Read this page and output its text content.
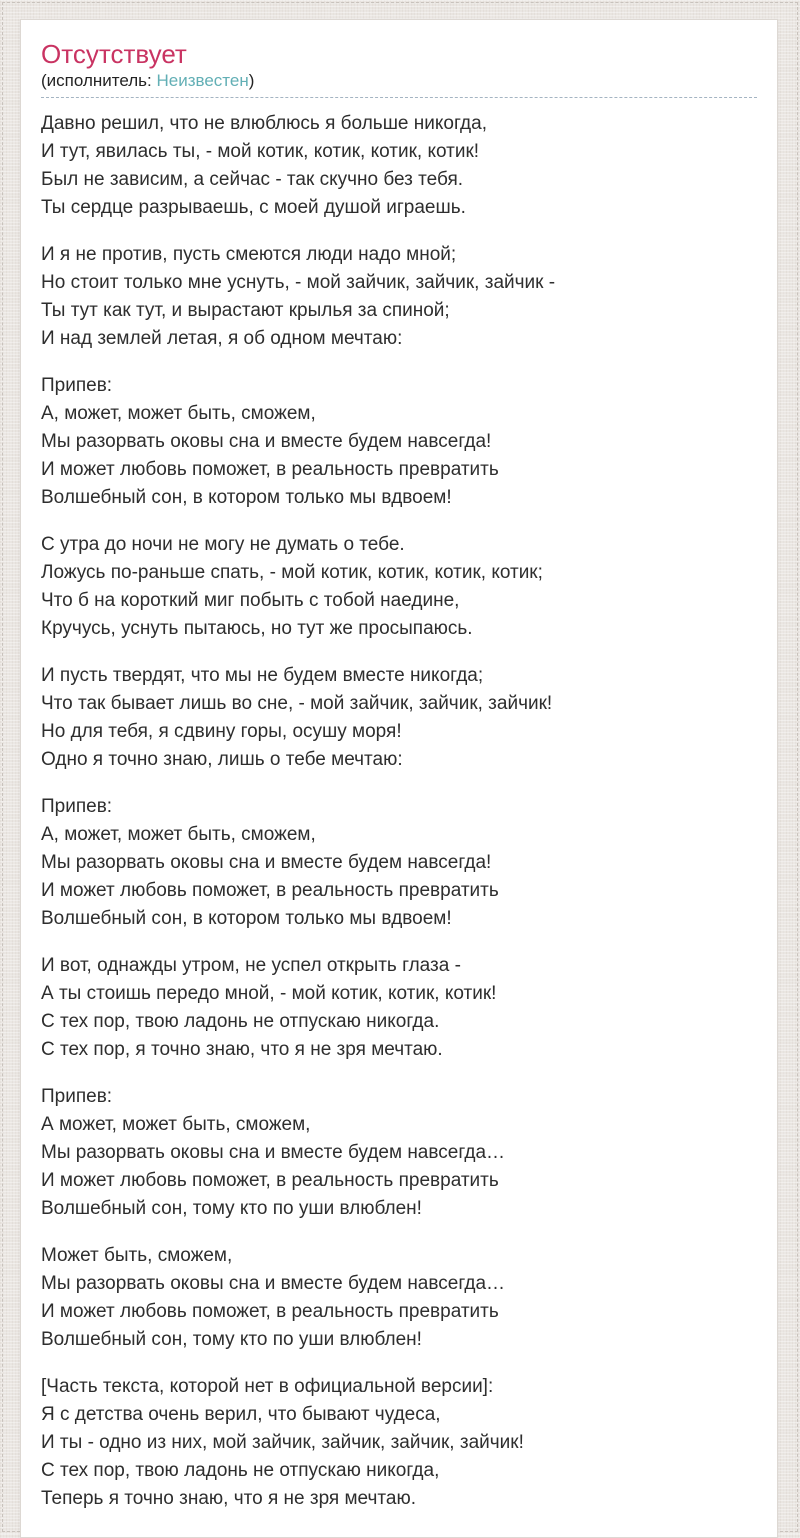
Отсутствует
(исполнитель: Неизвестен)

Давно решил, что не влюблюсь я больше никогда,
И тут, явилась ты, - мой котик, котик, котик, котик!
Был не зависим, а сейчас - так скучно без тебя.
Ты сердце разрываешь, с моей душой играешь.

И я не против, пусть смеются люди надо мной;
Но стоит только мне уснуть, - мой зайчик, зайчик, зайчик -
Ты тут как тут, и вырастают крылья за спиной;
И над землей летая, я об одном мечтаю:

Припев:
А, может, может быть, сможем,
Мы разорвать оковы сна и вместе будем навсегда!
И может любовь поможет, в реальность превратить
Волшебный сон, в котором только мы вдвоем!

С утра до ночи не могу не думать о тебе.
Ложусь по-раньше спать, - мой котик, котик, котик, котик;
Что б на короткий миг побыть с тобой наедине,
Кручусь, уснуть пытаюсь, но тут же просыпаюсь.

И пусть твердят, что мы не будем вместе никогда;
Что так бывает лишь во сне, - мой зайчик, зайчик, зайчик!
Но для тебя, я сдвину горы, осушу моря!
Одно я точно знаю, лишь о тебе мечтаю:

Припев:
А, может, может быть, сможем,
Мы разорвать оковы сна и вместе будем навсегда!
И может любовь поможет, в реальность превратить
Волшебный сон, в котором только мы вдвоем!

И вот, однажды утром, не успел открыть глаза -
А ты стоишь передо мной, - мой котик, котик, котик!
С тех пор, твою ладонь не отпускаю никогда.
С тех пор, я точно знаю, что я не зря мечтаю.

Припев:
А может, может быть, сможем,
Мы разорвать оковы сна и вместе будем навсегда…
И может любовь поможет, в реальность превратить
Волшебный сон, тому кто по уши влюблен!

Может быть, сможем,
Мы разорвать оковы сна и вместе будем навсегда…
И может любовь поможет, в реальность превратить
Волшебный сон, тому кто по уши влюблен!

[Часть текста, которой нет в официальной версии]:
Я с детства очень верил, что бывают чудеса,
И ты - одно из них, мой зайчик, зайчик, зайчик, зайчик!
С тех пор, твою ладонь не отпускаю никогда,
Теперь я точно знаю, что я не зря мечтаю.
